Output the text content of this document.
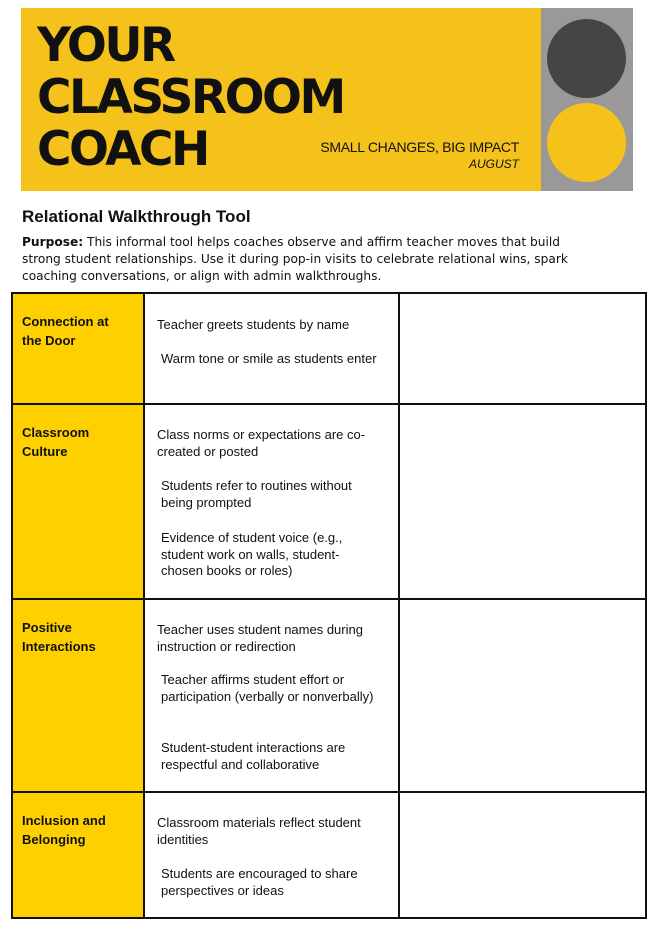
YOUR
CLASSROOM
COACH	SMALL CHANGES, BIG IMPACT
AUGUST
Relational Walkthrough Tool
Purpose: This informal tool helps coaches observe and affirm teacher moves that build strong student relationships. Use it during pop-in visits to celebrate relational wins, spark coaching conversations, or align with admin walkthroughs.
Connection at the Door
Teacher greets students by name
Warm tone or smile as students enter
Classroom Culture
Class norms or expectations are co-created or posted
Students refer to routines without being prompted
Evidence of student voice (e.g., student work on walls, student-chosen books or roles)
Positive Interactions
Teacher uses student names during instruction or redirection
Teacher affirms student effort or participation (verbally or nonverbally)
Student-student interactions are respectful and collaborative
Inclusion and Belonging
Classroom materials reflect student identities
Students are encouraged to share perspectives or ideas
